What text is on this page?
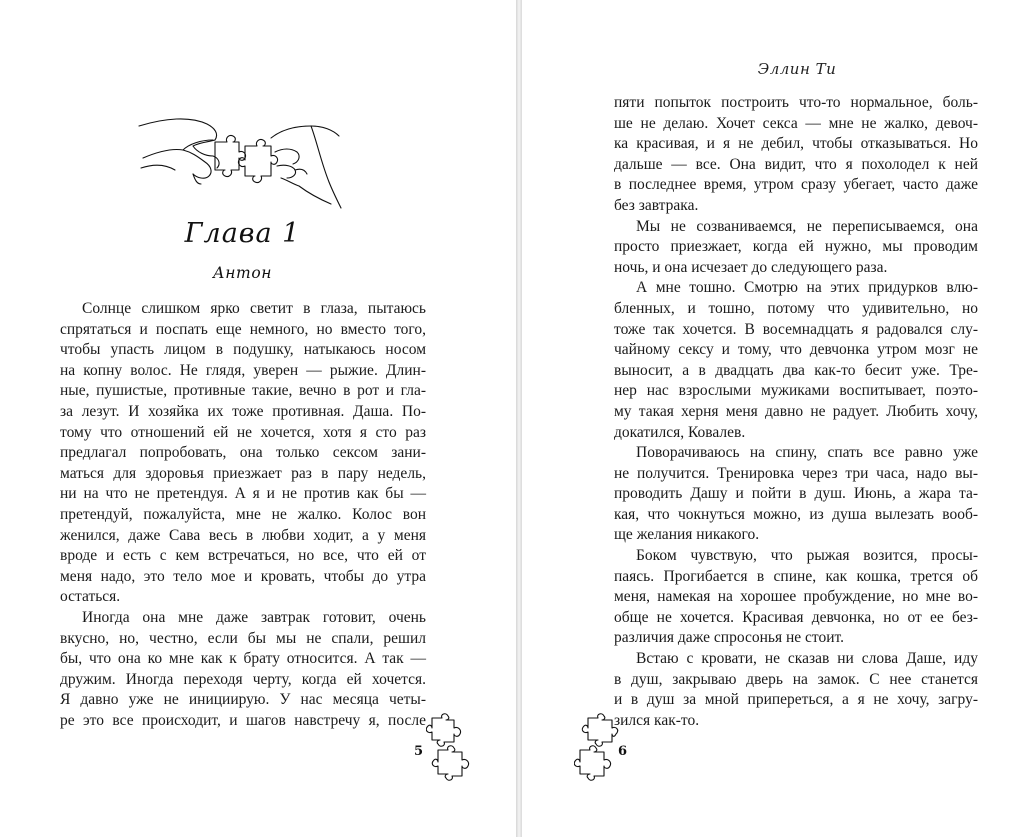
Глава 1
Антон
Солнце слишком ярко светит в глаза, пытаюсь
спрятаться и поспать еще немного, но вместо того,
чтобы упасть лицом в подушку, натыкаюсь носом
на копну волос. Не глядя, уверен — рыжие. Длин-
ные, пушистые, противные такие, вечно в рот и гла-
за лезут. И хозяйка их тоже противная. Даша. По-
тому что отношений ей не хочется, хотя я сто раз
предлагал попробовать, она только сексом зани-
маться для здоровья приезжает раз в пару недель,
ни на что не претендуя. А я и не против как бы —
претендуй, пожалуйста, мне не жалко. Колос вон
женился, даже Сава весь в любви ходит, а у меня
вроде и есть с кем встречаться, но все, что ей от
меня надо, это тело мое и кровать, чтобы до утра
остаться.
Иногда она мне даже завтрак готовит, очень
вкусно, но, честно, если бы мы не спали, решил
бы, что она ко мне как к брату относится. А так —
дружим. Иногда переходя черту, когда ей хочется.
Я давно уже не инициирую. У нас месяца четы-
ре это все происходит, и шагов навстречу я, после
5
Эллин Ти
пяти попыток построить что-то нормальное, боль-
ше не делаю. Хочет секса — мне не жалко, девоч-
ка красивая, и я не дебил, чтобы отказываться. Но
дальше — все. Она видит, что я похолодел к ней
в последнее время, утром сразу убегает, часто даже
без завтрака.
Мы не созваниваемся, не переписываемся, она
просто приезжает, когда ей нужно, мы проводим
ночь, и она исчезает до следующего раза.
А мне тошно. Смотрю на этих придурков влю-
бленных, и тошно, потому что удивительно, но
тоже так хочется. В восемнадцать я радовался слу-
чайному сексу и тому, что девчонка утром мозг не
выносит, а в двадцать два как-то бесит уже. Тре-
нер нас взрослыми мужиками воспитывает, поэто-
му такая херня меня давно не радует. Любить хочу,
докатился, Ковалев.
Поворачиваюсь на спину, спать все равно уже
не получится. Тренировка через три часа, надо вы-
проводить Дашу и пойти в душ. Июнь, а жара та-
кая, что чокнуться можно, из душа вылезать вооб-
ще желания никакого.
Боком чувствую, что рыжая возится, просы-
паясь. Прогибается в спине, как кошка, трется об
меня, намекая на хорошее пробуждение, но мне во-
обще не хочется. Красивая девчонка, но от ее без-
различия даже спросонья не стоит.
Встаю с кровати, не сказав ни слова Даше, иду
в душ, закрываю дверь на замок. С нее станется
и в душ за мной припереться, а я не хочу, загру-
зился как-то.
6
